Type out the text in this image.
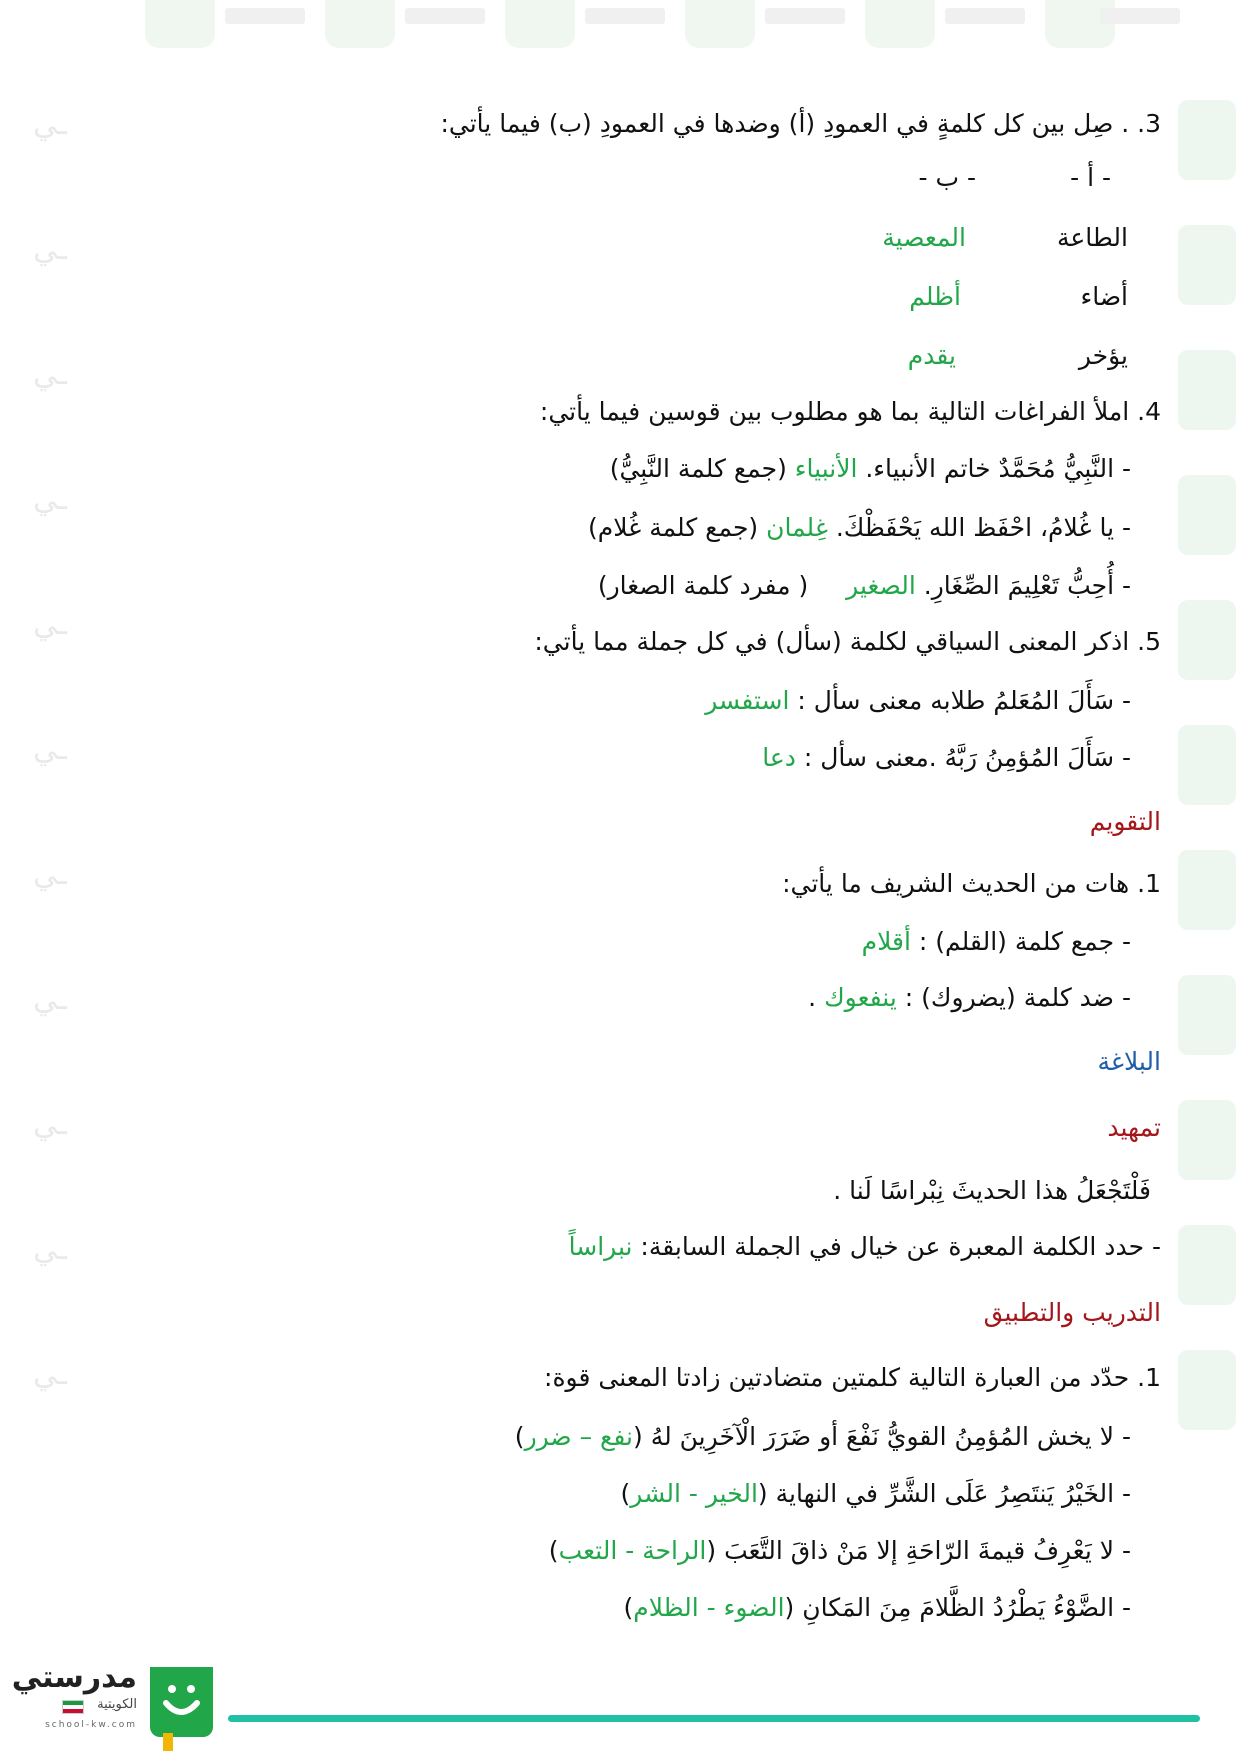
ـي
ـي
ـي
ـي
ـي
ـي
ـي
ـي
ـي
ـي
ـي
3. . صِل بين كل كلمةٍ في العمودِ (أ) وضدها في العمودِ (ب) فيما يأتي:
- أ -
- ب -
الطاعة
المعصية
أضاء
أظلم
يؤخر
يقدم
4. املأ الفراغات التالية بما هو مطلوب بين قوسين فيما يأتي:
- النَّبِيُّ مُحَمَّدٌ خاتم الأنبياء. الأنبياء (جمع كلمة النَّبِيُّ)
- يا غُلامُ، احْفَظ الله يَحْفَظْكَ. غِلمان (جمع كلمة غُلام)
- أُحِبُّ تَعْلِيمَ الصِّغَارِ. الصغير ( مفرد كلمة الصغار)
5. اذكر المعنى السياقي لكلمة (سأل) في كل جملة مما يأتي:
- سَأَلَ المُعَلمُ طلابه معنى سأل : استفسر
- سَأَلَ المُؤمِنُ رَبَّهُ .معنى سأل : دعا
التقويم
1. هات من الحديث الشريف ما يأتي:
- جمع كلمة (القلم) : أقلام
- ضد كلمة (يضروك) : ينفعوك .
البلاغة
تمهيد
فَلْتَجْعَلُ هذا الحديثَ نِبْراسًا لَنا .
- حدد الكلمة المعبرة عن خيال في الجملة السابقة: نبراساً
التدريب والتطبيق
1. حدّد من العبارة التالية كلمتين متضادتين زادتا المعنى قوة:
- لا يخش المُؤمِنُ القويُّ نَفْعَ أو ضَرَرَ الْآخَرِينَ لهُ (نفع – ضرر)
- الخَيْرُ يَنتَصِرُ عَلَى الشَّرِّ في النهاية (الخير - الشر)
- لا يَعْرِفُ قيمةَ الرّاحَةِ إلا مَنْ ذاقَ التَّعَبَ (الراحة - التعب)
- الضَّوْءُ يَطْرُدُ الظَّلامَ مِنَ المَكانِ (الضوء - الظلام)
مدرستي
الكويتية
school-kw.com
